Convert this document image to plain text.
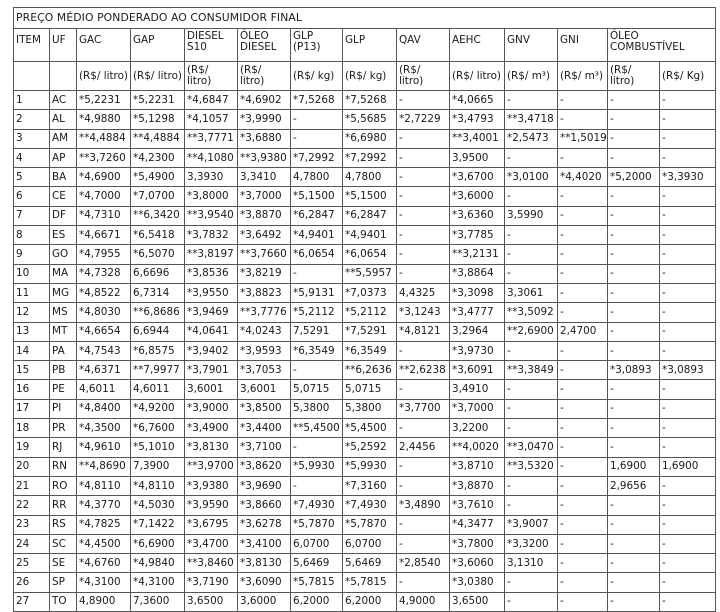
PREÇO MÉDIO PONDERADO AO CONSUMIDOR FINAL													
ITEM	UF	GAC	GAP	DIESEL S10	ÓLEO DIESEL	GLP (P13)	GLP	QAV	AEHC	GNV	GNI	ÓLEO COMBUSTÍVEL	
		(R$/ litro)	(R$/ litro)	(R$/ litro)	(R$/ litro)	(R$/ kg)	(R$/ kg)	(R$/ litro)	(R$/ litro)	(R$/ m³)	(R$/ m³)	(R$/ litro)	(R$/ Kg)
1	AC	*5,2231	*5,2231	*4,6847	*4,6902	*7,5268	*7,5268	-	*4,0665	-	-	-	-
2	AL	*4,9880	*5,1298	*4,1057	*3,9990	-	*5,5685	*2,7229	*3,4793	**3,4718	-	-	-
3	AM	**4,4884	**4,4884	**3,7771	*3,6880	-	*6,6980	-	**3,4001	*2,5473	**1,5019	-	-
4	AP	**3,7260	*4,2300	**4,1080	**3,9380	*7,2992	*7,2992	-	3,9500	-	-	-	-
5	BA	*4,6900	*5,4900	3,3930	3,3410	4,7800	4,7800	-	*3,6700	*3,0100	*4,4020	*5,2000	*3,3930
6	CE	*4,7000	*7,0700	*3,8000	*3,7000	*5,1500	*5,1500	-	*3,6000	-	-	-	-
7	DF	*4,7310	**6,3420	**3,9540	*3,8870	*6,2847	*6,2847	-	*3,6360	3,5990	-	-	-
8	ES	*4,6671	*6,5418	*3,7832	*3,6492	*4,9401	*4,9401	-	*3,7785	-	-	-	-
9	GO	*4,7955	*6,5070	**3,8197	**3,7660	*6,0654	*6,0654	-	**3,2131	-	-	-	-
10	MA	*4,7328	6,6696	*3,8536	*3,8219	-	**5,5957	-	*3,8864	-	-	-	-
11	MG	*4,8522	6,7314	*3,9550	*3,8823	*5,9131	*7,0373	4,4325	*3,3098	3,3061	-	-	-
12	MS	*4,8030	**6,8686	*3,9469	**3,7776	*5,2112	*5,2112	*3,1243	*3,4777	**3,5092	-	-	-
13	MT	*4,6654	6,6944	*4,0641	*4,0243	7,5291	*7,5291	*4,8121	3,2964	**2,6900	2,4700	-	-
14	PA	*4,7543	*6,8575	*3,9402	*3,9593	*6,3549	*6,3549	-	*3,9730	-	-	-	-
15	PB	*4,6371	**7,9977	*3,7901	*3,7053	-	**6,2636	**2,6238	*3,6091	**3,3849	-	*3,0893	*3,0893
16	PE	4,6011	4,6011	3,6001	3,6001	5,0715	5,0715	-	3,4910	-	-	-	-
17	PI	*4,8400	*4,9200	*3,9000	*3,8500	5,3800	5,3800	*3,7700	*3,7000	-	-	-	-
18	PR	*4,3500	*6,7600	*3,4900	*3,4400	**5,4500	*5,4500	-	3,2200	-	-	-	-
19	RJ	*4,9610	*5,1010	*3,8130	*3,7100	-	*5,2592	2,4456	**4,0020	**3,0470	-	-	-
20	RN	**4,8690	7,3900	**3,9700	*3,8620	*5,9930	*5,9930	-	*3,8710	**3,5320	-	1,6900	1,6900
21	RO	*4,8110	*4,8110	*3,9380	*3,9690	-	*7,3160	-	*3,8870	-	-	2,9656	-
22	RR	*4,3770	*4,5030	*3,9590	*3,8660	*7,4930	*7,4930	*3,4890	*3,7610	-	-	-	-
23	RS	*4,7825	*7,1422	*3,6795	*3,6278	*5,7870	*5,7870	-	*4,3477	*3,9007	-	-	-
24	SC	*4,4500	*6,6900	*3,4700	*3,4100	6,0700	6,0700	-	*3,7800	*3,3200	-	-	-
25	SE	*4,6760	*4,9840	**3,8460	*3,8130	5,6469	5,6469	*2,8540	*3,6060	3,1310	-	-	-
26	SP	*4,3100	*4,3100	*3,7190	*3,6090	*5,7815	*5,7815	-	*3,0380	-	-	-	-
27	TO	4,8900	7,3600	3,6500	3,6000	6,2000	6,2000	4,9000	3,6500	-	-	-	-
